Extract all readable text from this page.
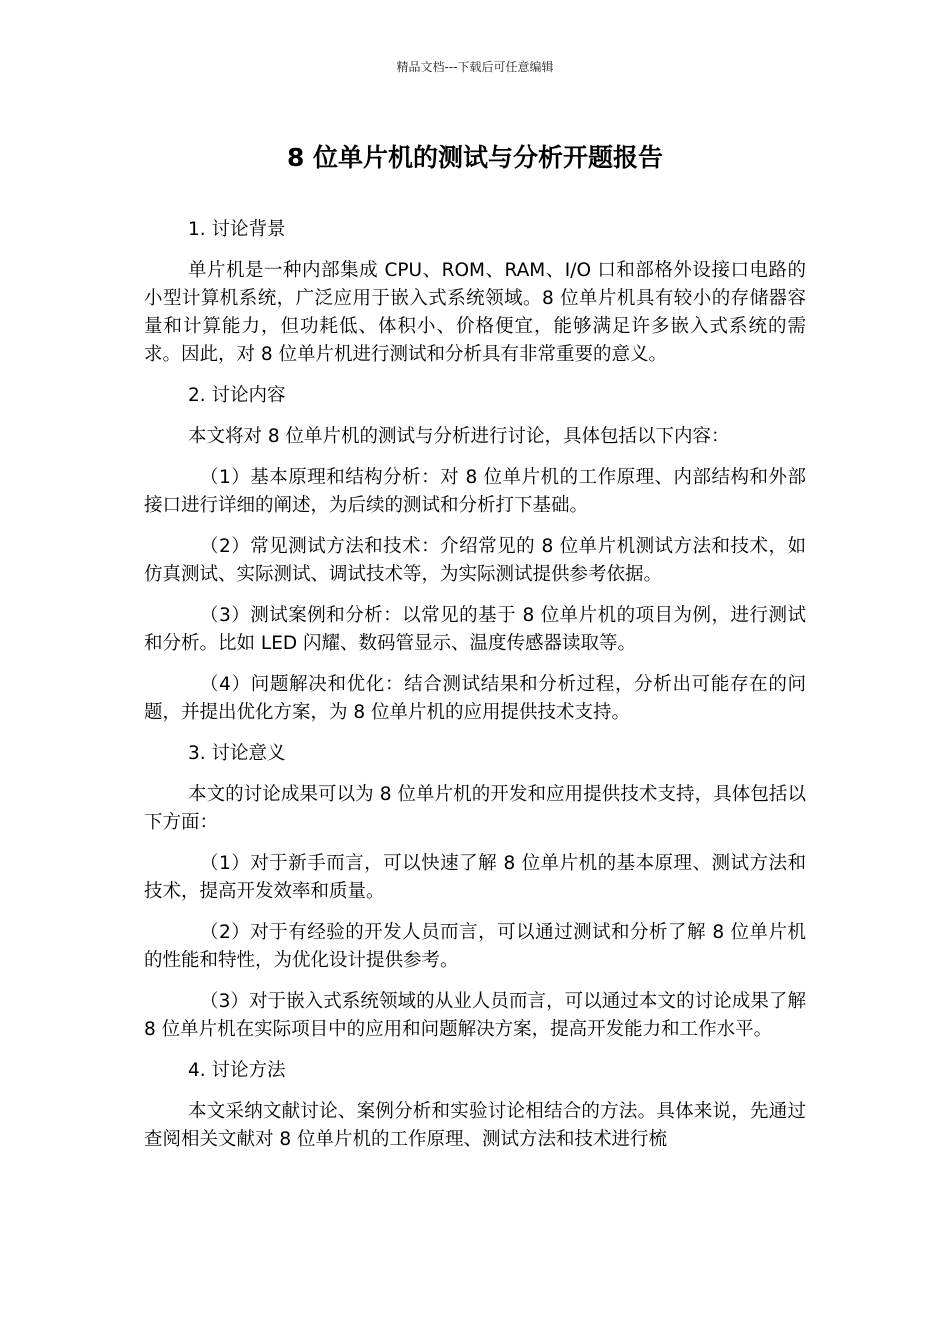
精品文档---下载后可任意编辑
8 位单片机的测试与分析开题报告

1. 讨论背景

单片机是一种内部集成 CPU、ROM、RAM、I/O 口和部格外设接口电路的小型计算机系统，广泛应用于嵌入式系统领域。8 位单片机具有较小的存储器容量和计算能力，但功耗低、体积小、价格便宜，能够满足许多嵌入式系统的需求。因此，对 8 位单片机进行测试和分析具有非常重要的意义。

2. 讨论内容

本文将对 8 位单片机的测试与分析进行讨论，具体包括以下内容：

（1）基本原理和结构分析：对 8 位单片机的工作原理、内部结构和外部接口进行详细的阐述，为后续的测试和分析打下基础。

（2）常见测试方法和技术：介绍常见的 8 位单片机测试方法和技术，如仿真测试、实际测试、调试技术等，为实际测试提供参考依据。

（3）测试案例和分析：以常见的基于 8 位单片机的项目为例，进行测试和分析。比如 LED 闪耀、数码管显示、温度传感器读取等。

（4）问题解决和优化：结合测试结果和分析过程，分析出可能存在的问题，并提出优化方案，为 8 位单片机的应用提供技术支持。

3. 讨论意义

本文的讨论成果可以为 8 位单片机的开发和应用提供技术支持，具体包括以下方面：

（1）对于新手而言，可以快速了解 8 位单片机的基本原理、测试方法和技术，提高开发效率和质量。

（2）对于有经验的开发人员而言，可以通过测试和分析了解 8 位单片机的性能和特性，为优化设计提供参考。

（3）对于嵌入式系统领域的从业人员而言，可以通过本文的讨论成果了解 8 位单片机在实际项目中的应用和问题解决方案，提高开发能力和工作水平。

4. 讨论方法

本文采纳文献讨论、案例分析和实验讨论相结合的方法。具体来说，先通过查阅相关文献对 8 位单片机的工作原理、测试方法和技术进行梳
